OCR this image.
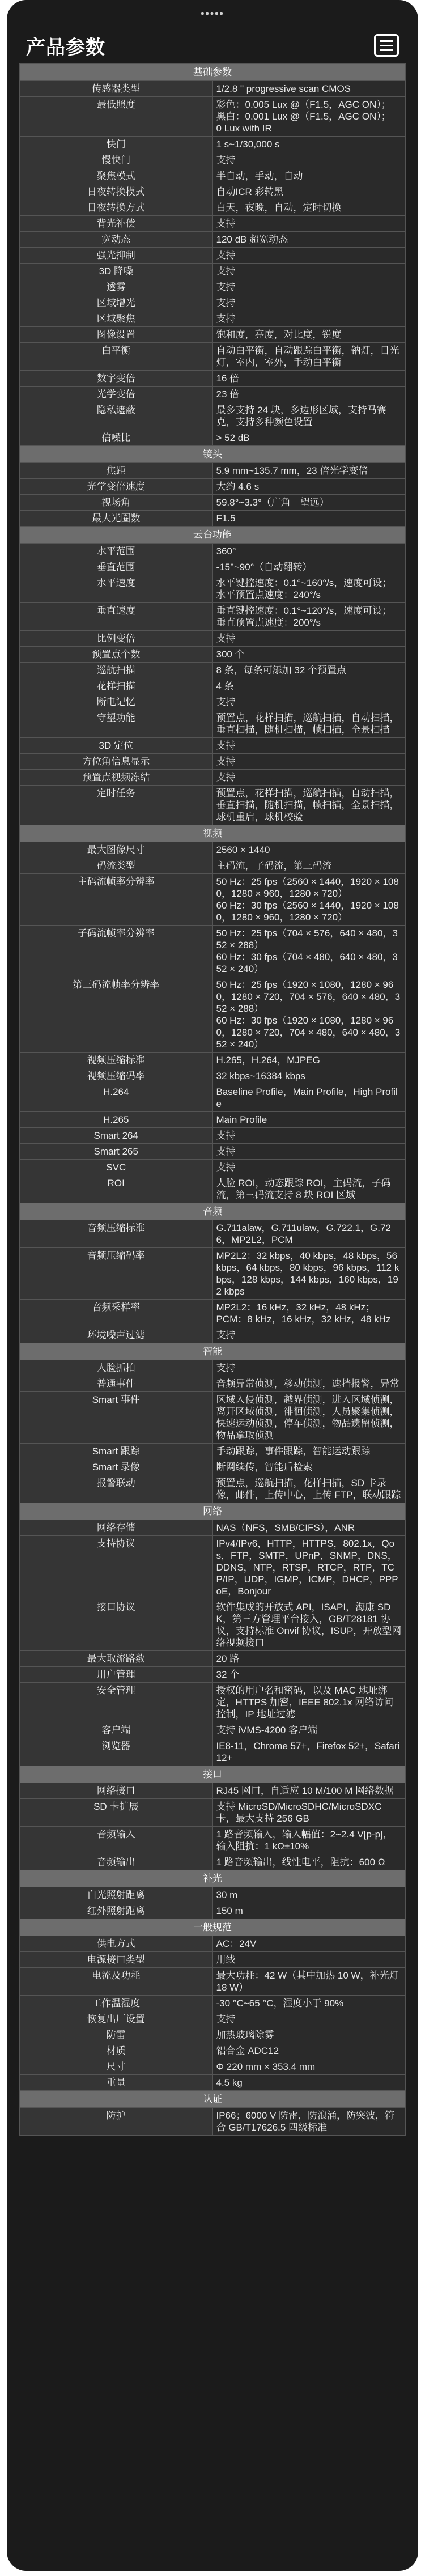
•••••
产品参数
基础参数	
传感器类型	1/2.8 " progressive scan CMOS
最低照度	彩色：0.005 Lux @（F1.5，AGC ON）；
黑白：0.001 Lux @（F1.5，AGC ON）；
0 Lux with IR
快门	1 s~1/30,000 s
慢快门	支持
聚焦模式	半自动，手动，自动
日夜转换模式	自动ICR 彩转黑
日夜转换方式	白天，夜晚，自动，定时切换
背光补偿	支持
宽动态	120 dB 超宽动态
强光抑制	支持
3D 降噪	支持
透雾	支持
区域增光	支持
区域聚焦	支持
图像设置	饱和度，亮度，对比度，锐度
白平衡	自动白平衡，自动跟踪白平衡，钠灯，日光灯，室内，室外，手动白平衡
数字变倍	16 倍
光学变倍	23 倍
隐私遮蔽	最多支持 24 块，多边形区域，支持马赛克，支持多种颜色设置
信噪比	> 52 dB
镜头	
焦距	5.9 mm~135.7 mm，23 倍光学变倍
光学变倍速度	大约 4.6 s
视场角	59.8°~3.3°（广角－望远）
最大光圈数	F1.5
云台功能	
水平范围	360°
垂直范围	-15°~90°（自动翻转）
水平速度	水平键控速度：0.1°~160°/s，速度可设；
水平预置点速度：240°/s
垂直速度	垂直键控速度：0.1°~120°/s，速度可设；
垂直预置点速度：200°/s
比例变倍	支持
预置点个数	300 个
巡航扫描	8 条，每条可添加 32 个预置点
花样扫描	4 条
断电记忆	支持
守望功能	预置点，花样扫描，巡航扫描，自动扫描，垂直扫描，随机扫描，帧扫描，全景扫描
3D 定位	支持
方位角信息显示	支持
预置点视频冻结	支持
定时任务	预置点，花样扫描，巡航扫描，自动扫描，垂直扫描，随机扫描，帧扫描，全景扫描，球机重启，球机校验
视频	
最大图像尺寸	2560 × 1440
码流类型	主码流，子码流，第三码流
主码流帧率分辨率	50 Hz：25 fps（2560 × 1440，1920 × 1080，1280 × 960，1280 × 720）
60 Hz：30 fps（2560 × 1440，1920 × 1080，1280 × 960，1280 × 720）
子码流帧率分辨率	50 Hz：25 fps（704 × 576，640 × 480，352 × 288）
60 Hz：30 fps（704 × 480，640 × 480，352 × 240）
第三码流帧率分辨率	50 Hz：25 fps（1920 × 1080，1280 × 960，1280 × 720，704 × 576，640 × 480，352 × 288）
60 Hz：30 fps（1920 × 1080，1280 × 960，1280 × 720，704 × 480，640 × 480，352 × 240）
视频压缩标准	H.265，H.264，MJPEG
视频压缩码率	32 kbps~16384 kbps
H.264	Baseline Profile，Main Profile，High Profile
H.265	Main Profile
Smart 264	支持
Smart 265	支持
SVC	支持
ROI	人脸 ROI，动态跟踪 ROI，主码流，子码流，第三码流支持 8 块 ROI 区域
音频	
音频压缩标准	G.711alaw，G.711ulaw，G.722.1，G.726，MP2L2，PCM
音频压缩码率	MP2L2：32 kbps，40 kbps，48 kbps，56 kbps，64 kbps，80 kbps，96 kbps，112 kbps，128 kbps，144 kbps，160 kbps，192 kbps
音频采样率	MP2L2：16 kHz，32 kHz，48 kHz；
PCM：8 kHz，16 kHz，32 kHz，48 kHz
环境噪声过滤	支持
智能	
人脸抓拍	支持
普通事件	音频异常侦测，移动侦测，遮挡报警，异常
Smart 事件	区域入侵侦测，越界侦测，进入区域侦测，离开区域侦测，徘徊侦测，人员聚集侦测，快速运动侦测，停车侦测，物品遗留侦测，物品拿取侦测
Smart 跟踪	手动跟踪，事件跟踪，智能运动跟踪
Smart 录像	断网续传，智能后检索
报警联动	预置点，巡航扫描，花样扫描，SD 卡录像，邮件，上传中心，上传 FTP，联动跟踪
网络	
网络存储	NAS（NFS，SMB/CIFS），ANR
支持协议	IPv4/IPv6，HTTP，HTTPS，802.1x，Qos，FTP，SMTP，UPnP，SNMP，DNS，DDNS，NTP，RTSP，RTCP，RTP，TCP/IP，UDP，IGMP，ICMP，DHCP，PPPoE，Bonjour
接口协议	软件集成的开放式 API，ISAPI，海康 SDK，第三方管理平台接入，GB/T28181 协议，支持标准 Onvif 协议，ISUP，开放型网络视频接口
最大取流路数	20 路
用户管理	32 个
安全管理	授权的用户名和密码，以及 MAC 地址绑定，HTTPS 加密，IEEE 802.1x 网络访问控制，IP 地址过滤
客户端	支持 iVMS-4200 客户端
浏览器	IE8-11，Chrome 57+，Firefox 52+，Safari 12+
接口	
网络接口	RJ45 网口，自适应 10 M/100 M 网络数据
SD 卡扩展	支持 MicroSD/MicroSDHC/MicroSDXC 卡，最大支持 256 GB
音频输入	1 路音频输入，输入幅值：2~2.4 V[p-p]，输入阻抗：1 kΩ±10%
音频输出	1 路音频输出，线性电平，阻抗：600 Ω
补光	
白光照射距离	30 m
红外照射距离	150 m
一般规范	
供电方式	AC：24V
电源接口类型	用线
电流及功耗	最大功耗：42 W（其中加热 10 W，补光灯 18 W）
工作温湿度	-30 °C~65 °C，湿度小于 90%
恢复出厂设置	支持
防雷	加热玻璃除雾
材质	铝合金 ADC12
尺寸	Φ 220 mm × 353.4 mm
重量	4.5 kg
认证	
防护	IP66；6000 V 防雷，防浪涌，防突波，符合 GB/T17626.5 四级标准
